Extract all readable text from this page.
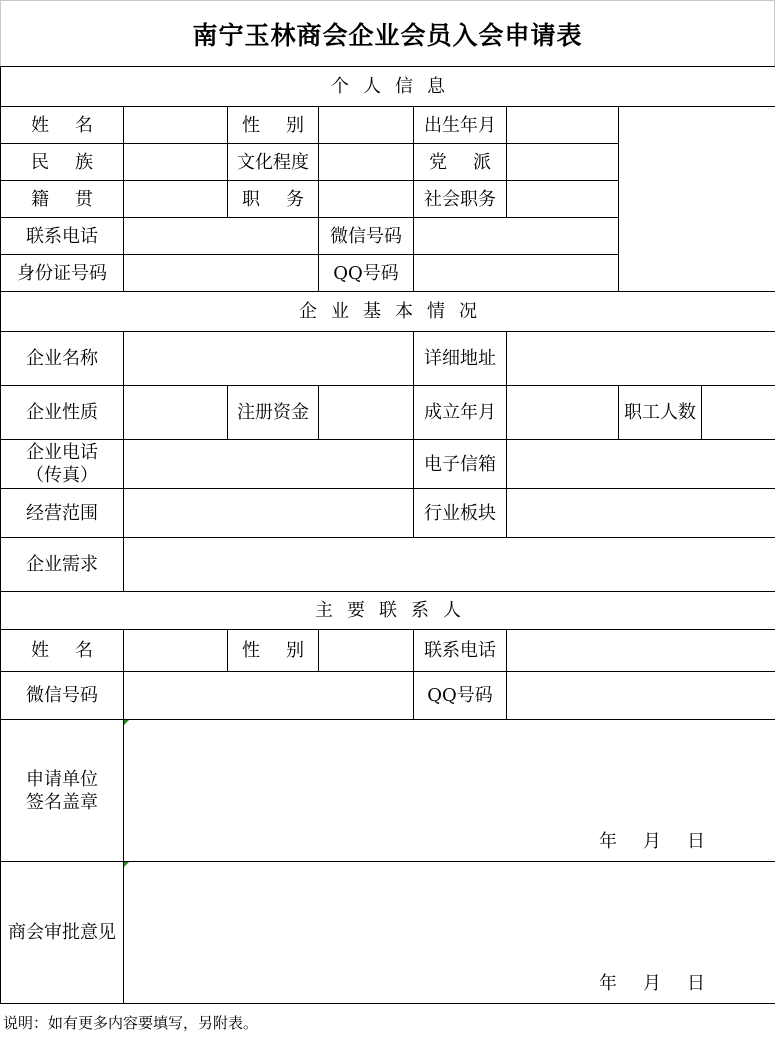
南宁玉林商会企业会员入会申请表
个人信息							
姓 名		性 别		出生年月			
民 族		文化程度		党 派			
籍 贯		职 务		社会职务			
联系电话			微信号码				
身份证号码			QQ号码				
企业基本情况							
企业名称				详细地址			
企业性质		注册资金		成立年月		职工人数	

企业电话
（传真）				电子信箱			
经营范围				行业板块			
企业需求							
主要联系人							
姓 名		性 别		联系电话			
微信号码				QQ号码			

申请单位
签名盖章	年 月 日						

商会审批意见	年 月 日						
说明：如有更多内容要填写，另附表。
